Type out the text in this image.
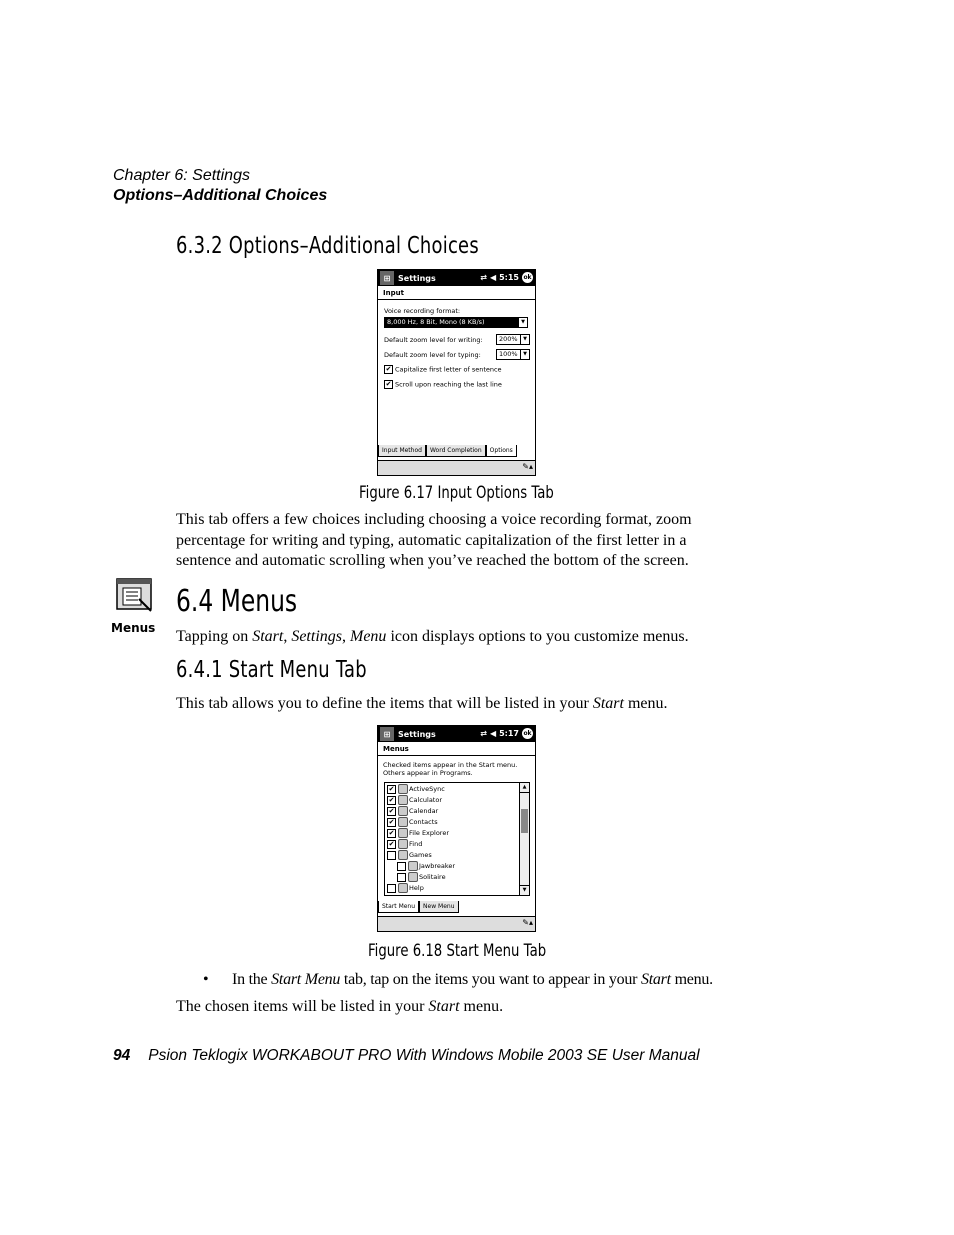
Chapter 6: Settings
Options–Additional Choices
6.3.2 Options–Additional Choices
⊞ Settings	⇄ ◀ 5:15 ok
Input
Voice recording format:
8,000 Hz, 8 Bit, Mono (8 KB/s)	▼
Default zoom level for writing:	200%	▼
Default zoom level for typing:	100%	▼
✔ Capitalize first letter of sentence
✔ Scroll upon reaching the last line
Input Method	Word Completion	Options
✎▴
Figure 6.17 Input Options Tab
This tab offers a few choices including choosing a voice recording format, zoom percentage for writing and typing, automatic capitalization of the first letter in a sentence and automatic scrolling when you’ve reached the bottom of the screen.
Menus
6.4 Menus
Tapping on Start, Settings, Menu icon displays options to you customize menus.
6.4.1 Start Menu Tab
This tab allows you to define the items that will be listed in your Start menu.
⊞ Settings	⇄ ◀ 5:17 ok
Menus
Checked items appear in the Start menu.
Others appear in Programs.
✔ ActiveSync
✔ Calculator
✔ Calendar
✔ Contacts
✔ File Explorer
✔ Find
Games
Jawbreaker
Solitaire
Help
▲
▼
Start Menu	New Menu
✎▴
Figure 6.18 Start Menu Tab
• In the Start Menu tab, tap on the items you want to appear in your Start menu.
The chosen items will be listed in your Start menu.
94 Psion Teklogix WORKABOUT PRO With Windows Mobile 2003 SE User Manual
